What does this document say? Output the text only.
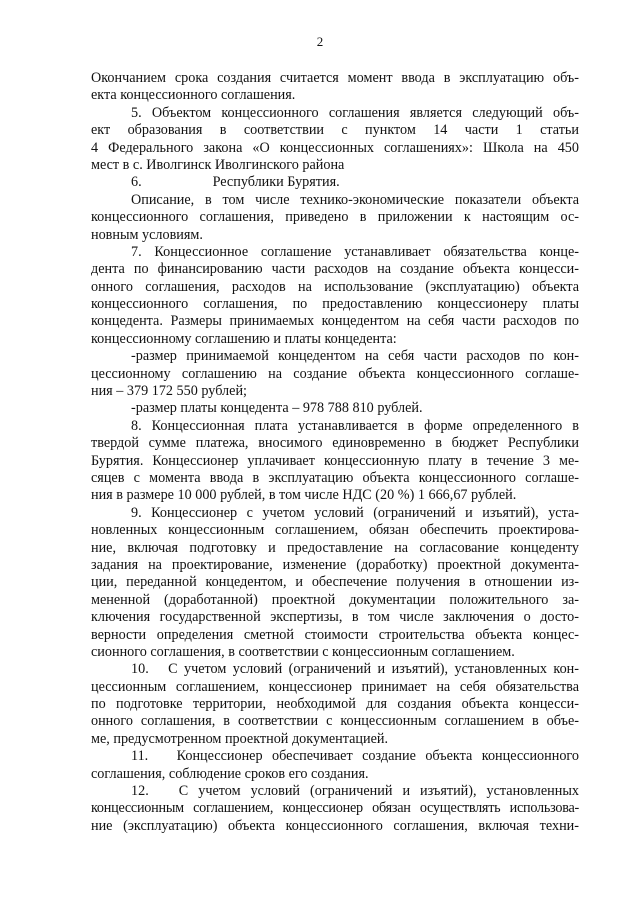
2
Окончанием срока создания считается момент ввода в эксплуатацию объ-
екта концессионного соглашения.
5. Объектом концессионного соглашения является следующий объ-
ект образования в соответствии с пунктом 14 части 1 статьи
4 Федерального закона «О концессионных соглашениях»: Школа на 450
мест в с. Иволгинск Иволгинского района
6.                    Республики Бурятия.
Описание, в том числе технико-экономические показатели объекта
концессионного соглашения, приведено в приложении к настоящим ос-
новным условиям.
7. Концессионное соглашение устанавливает обязательства конце-
дента по финансированию части расходов на создание объекта концесси-
онного соглашения, расходов на использование (эксплуатацию) объекта
концессионного соглашения, по предоставлению концессионеру платы
концедента. Размеры принимаемых концедентом на себя части расходов по
концессионному соглашению и платы концедента:
-размер принимаемой концедентом на себя части расходов по кон-
цессионному соглашению на создание объекта концессионного соглаше-
ния – 379 172 550 рублей;
-размер платы концедента – 978 788 810 рублей.
8. Концессионная плата устанавливается в форме определенного в
твердой сумме платежа, вносимого единовременно в бюджет Республики
Бурятия. Концессионер уплачивает концессионную плату в течение 3 ме-
сяцев с момента ввода в эксплуатацию объекта концессионного соглаше-
ния в размере 10 000 рублей, в том числе НДС (20 %) 1 666,67 рублей.
9. Концессионер с учетом условий (ограничений и изъятий), уста-
новленных концессионным соглашением, обязан обеспечить проектирова-
ние, включая подготовку и предоставление на согласование концеденту
задания на проектирование, изменение (доработку) проектной документа-
ции, переданной концедентом, и обеспечение получения в отношении из-
мененной (доработанной) проектной документации положительного за-
ключения государственной экспертизы, в том числе заключения о досто-
верности определения сметной стоимости строительства объекта концес-
сионного соглашения, в соответствии с концессионным соглашением.
10.   С учетом условий (ограничений и изъятий), установленных кон-
цессионным соглашением, концессионер принимает на себя обязательства
по подготовке территории, необходимой для создания объекта концесси-
онного соглашения, в соответствии с концессионным соглашением в объе-
ме, предусмотренном проектной документацией.
11.   Концессионер обеспечивает создание объекта концессионного
соглашения, соблюдение сроков его создания.
12.   С учетом условий (ограничений и изъятий), установленных
концессионным соглашением, концессионер обязан осуществлять использова-
ние (эксплуатацию) объекта концессионного соглашения, включая техни-
